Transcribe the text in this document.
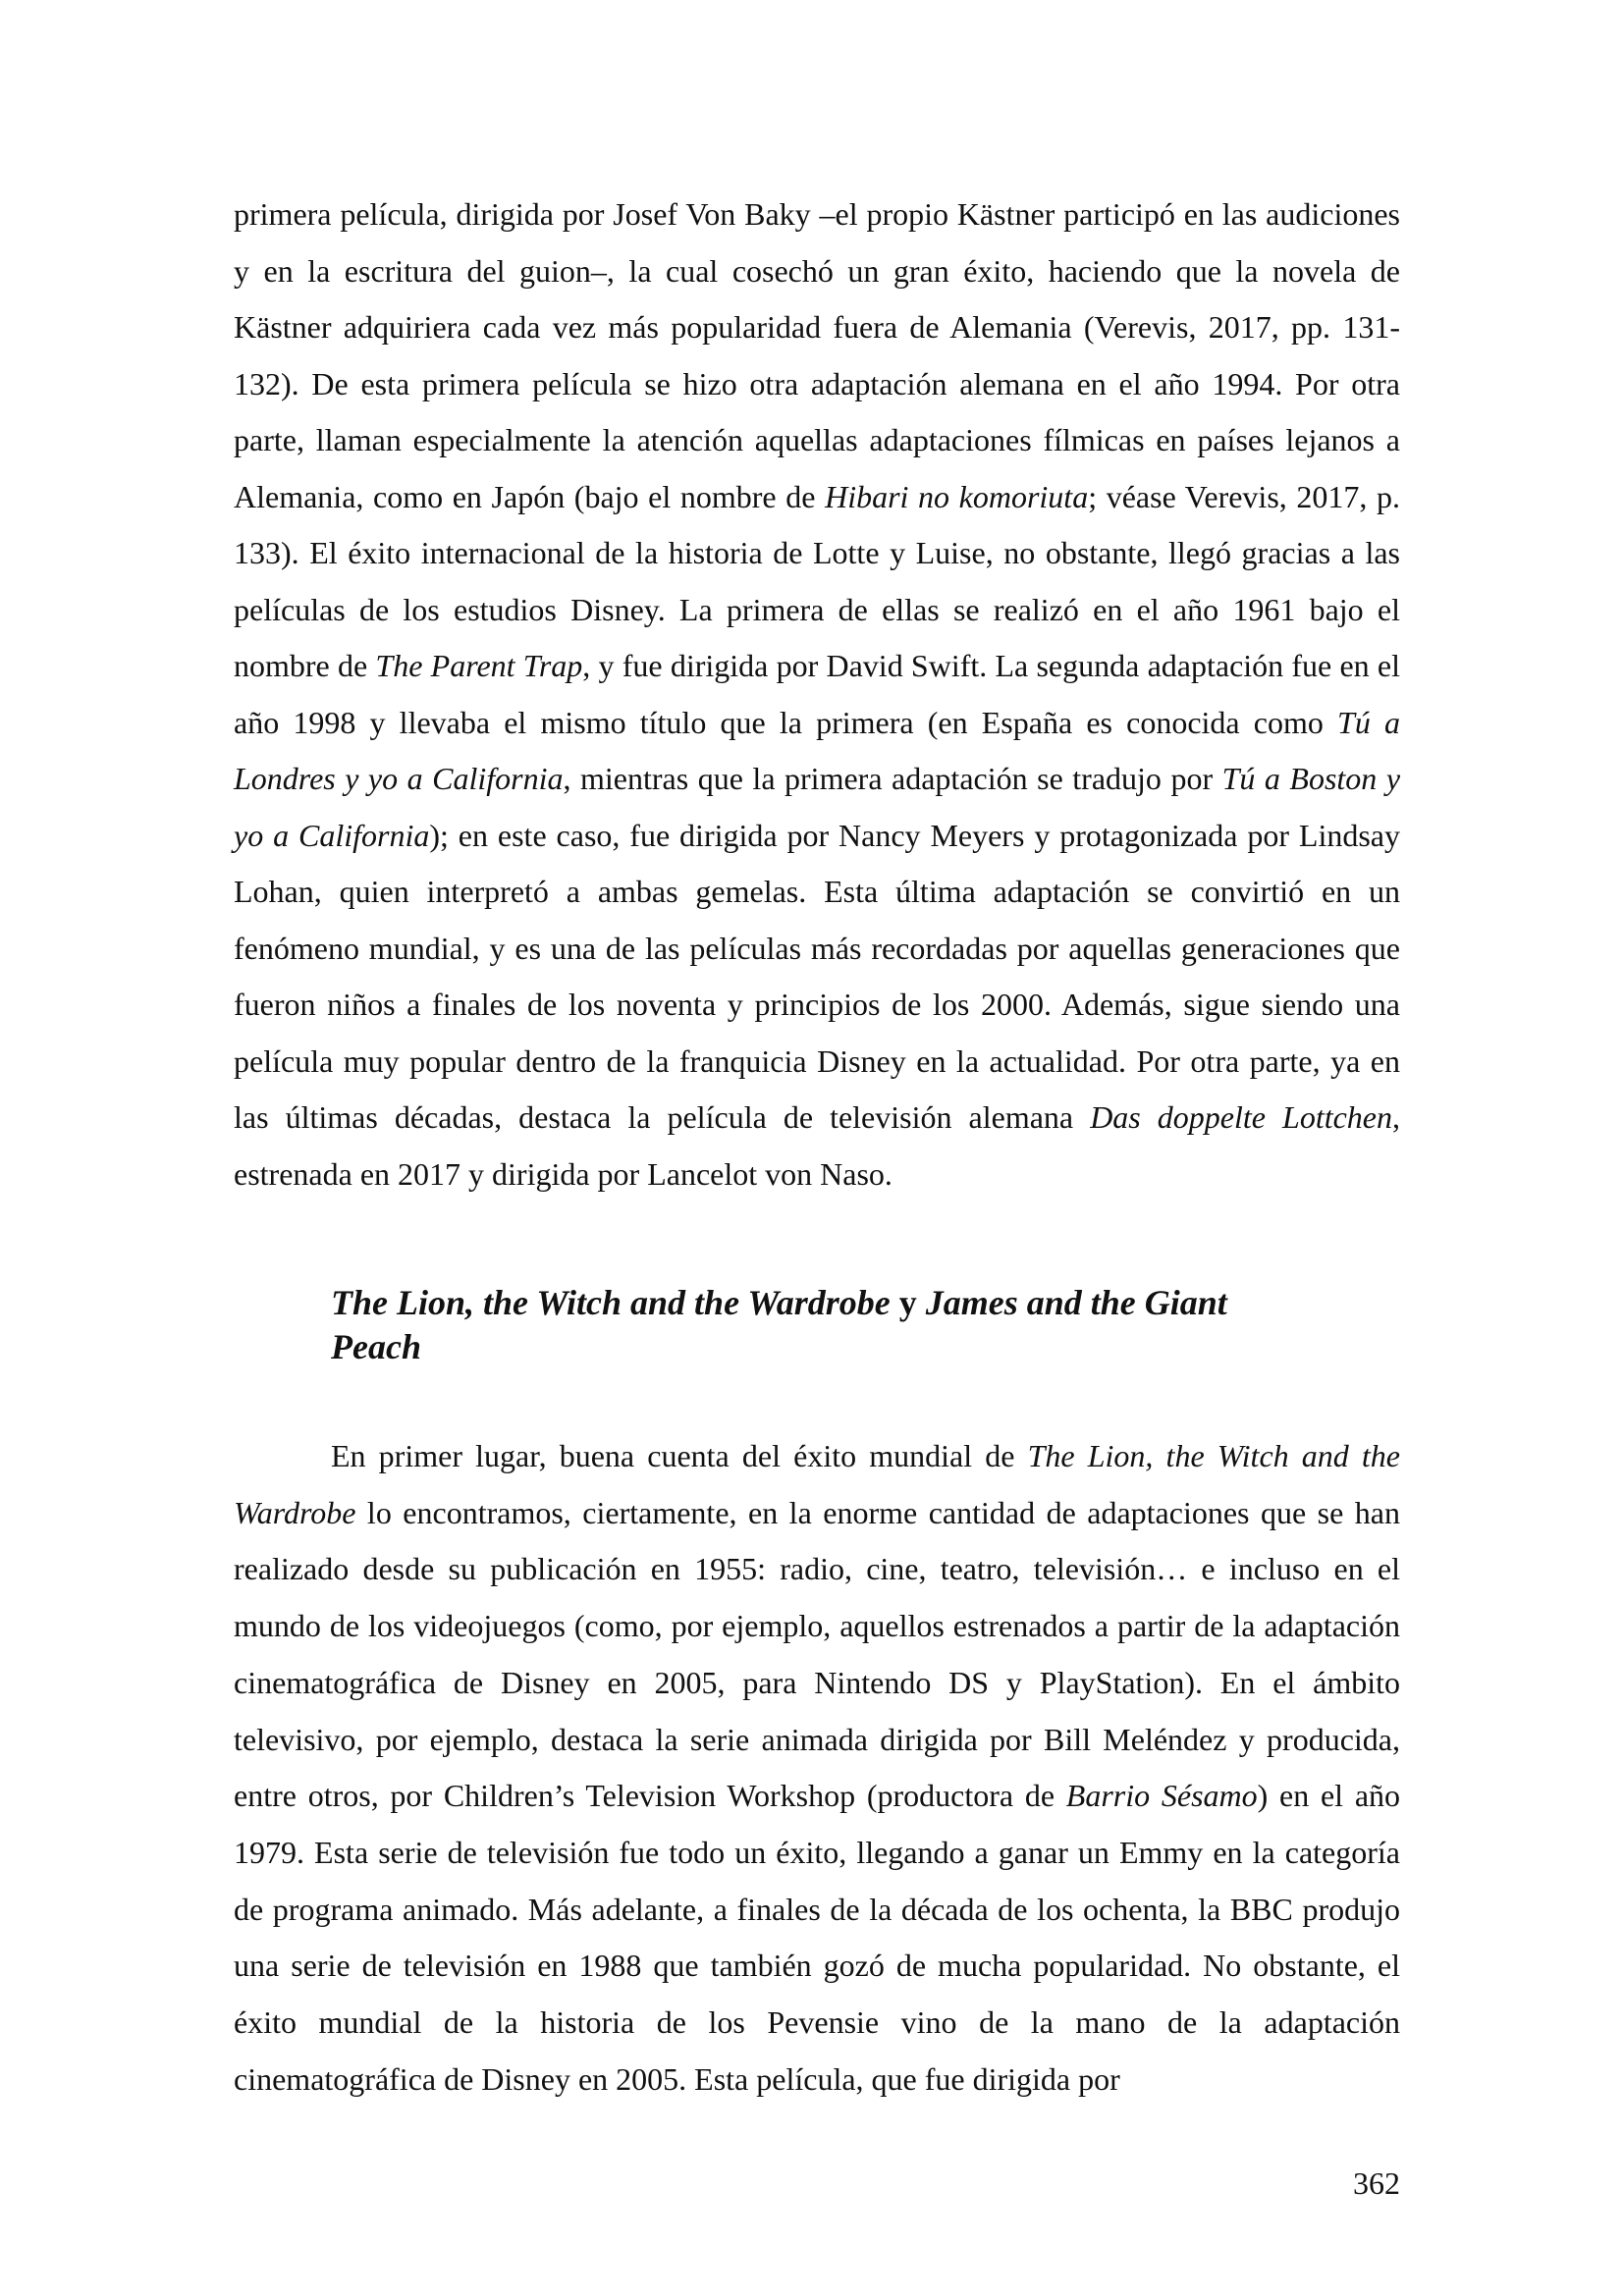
primera película, dirigida por Josef Von Baky –el propio Kästner participó en las audiciones y en la escritura del guion–, la cual cosechó un gran éxito, haciendo que la novela de Kästner adquiriera cada vez más popularidad fuera de Alemania (Verevis, 2017, pp. 131-132). De esta primera película se hizo otra adaptación alemana en el año 1994. Por otra parte, llaman especialmente la atención aquellas adaptaciones fílmicas en países lejanos a Alemania, como en Japón (bajo el nombre de Hibari no komoriuta; véase Verevis, 2017, p. 133). El éxito internacional de la historia de Lotte y Luise, no obstante, llegó gracias a las películas de los estudios Disney. La primera de ellas se realizó en el año 1961 bajo el nombre de The Parent Trap, y fue dirigida por David Swift. La segunda adaptación fue en el año 1998 y llevaba el mismo título que la primera (en España es conocida como Tú a Londres y yo a California, mientras que la primera adaptación se tradujo por Tú a Boston y yo a California); en este caso, fue dirigida por Nancy Meyers y protagonizada por Lindsay Lohan, quien interpretó a ambas gemelas. Esta última adaptación se convirtió en un fenómeno mundial, y es una de las películas más recordadas por aquellas generaciones que fueron niños a finales de los noventa y principios de los 2000. Además, sigue siendo una película muy popular dentro de la franquicia Disney en la actualidad. Por otra parte, ya en las últimas décadas, destaca la película de televisión alemana Das doppelte Lottchen, estrenada en 2017 y dirigida por Lancelot von Naso.

The Lion, the Witch and the Wardrobe y James and the Giant Peach

En primer lugar, buena cuenta del éxito mundial de The Lion, the Witch and the Wardrobe lo encontramos, ciertamente, en la enorme cantidad de adaptaciones que se han realizado desde su publicación en 1955: radio, cine, teatro, televisión… e incluso en el mundo de los videojuegos (como, por ejemplo, aquellos estrenados a partir de la adaptación cinematográfica de Disney en 2005, para Nintendo DS y PlayStation). En el ámbito televisivo, por ejemplo, destaca la serie animada dirigida por Bill Meléndez y producida, entre otros, por Children’s Television Workshop (productora de Barrio Sésamo) en el año 1979. Esta serie de televisión fue todo un éxito, llegando a ganar un Emmy en la categoría de programa animado. Más adelante, a finales de la década de los ochenta, la BBC produjo una serie de televisión en 1988 que también gozó de mucha popularidad. No obstante, el éxito mundial de la historia de los Pevensie vino de la mano de la adaptación cinematográfica de Disney en 2005. Esta película, que fue dirigida por

362
